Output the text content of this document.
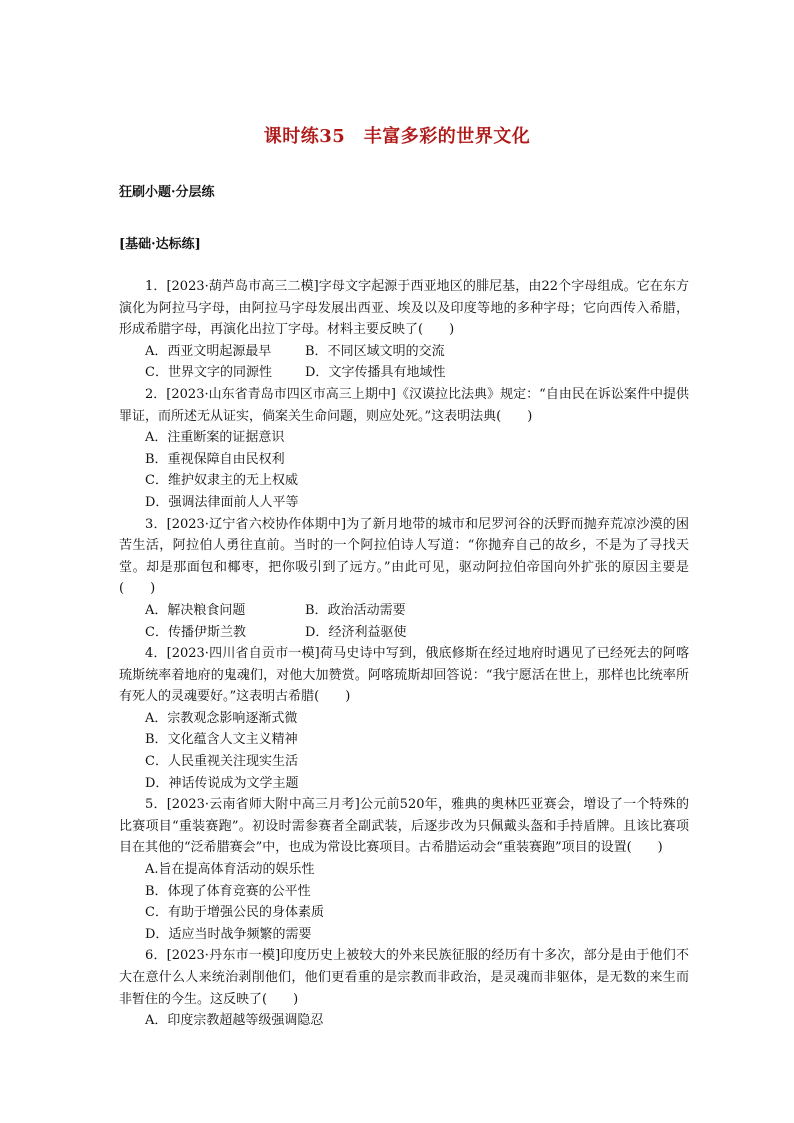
课时练35　丰富多彩的世界文化
狂刷小题·分层练
[基础·达标练]

1．[2023·葫芦岛市高三二模]字母文字起源于西亚地区的腓尼基，由22个字母组成。它在东方演化为阿拉马字母，由阿拉马字母发展出西亚、埃及以及印度等地的多种字母；它向西传入希腊，形成希腊字母，再演化出拉丁字母。材料主要反映了(　　)

A．西亚文明起源最早	B．不同区域文明的交流
C．世界文字的同源性	D．文字传播具有地域性

2．[2023·山东省青岛市四区市高三上期中]《汉谟拉比法典》规定：“自由民在诉讼案件中提供罪证，而所述无从证实，倘案关生命问题，则应处死。”这表明法典(　　)

A．注重断案的证据意识
B．重视保障自由民权利
C．维护奴隶主的无上权威
D．强调法律面前人人平等

3．[2023·辽宁省六校协作体期中]为了新月地带的城市和尼罗河谷的沃野而抛弃荒凉沙漠的困苦生活，阿拉伯人勇往直前。当时的一个阿拉伯诗人写道：“你抛弃自己的故乡，不是为了寻找天堂。却是那面包和椰枣，把你吸引到了远方。”由此可见，驱动阿拉伯帝国向外扩张的原因主要是(　　)

A．解决粮食问题	B．政治活动需要
C．传播伊斯兰教	D．经济利益驱使

4．[2023·四川省自贡市一模]荷马史诗中写到，俄底修斯在经过地府时遇见了已经死去的阿喀琉斯统率着地府的鬼魂们，对他大加赞赏。阿喀琉斯却回答说：“我宁愿活在世上，那样也比统率所有死人的灵魂要好。”这表明古希腊(　　)

A．宗教观念影响逐渐式微
B．文化蕴含人文主义精神
C．人民重视关注现实生活
D．神话传说成为文学主题

5．[2023·云南省师大附中高三月考]公元前520年，雅典的奥林匹亚赛会，增设了一个特殊的比赛项目“重装赛跑”。初设时需参赛者全副武装，后逐步改为只佩戴头盔和手持盾牌。且该比赛项目在其他的“泛希腊赛会”中，也成为常设比赛项目。古希腊运动会“重装赛跑”项目的设置(　　)

A.旨在提高体育活动的娱乐性
B．体现了体育竞赛的公平性
C．有助于增强公民的身体素质
D．适应当时战争频繁的需要

6．[2023·丹东市一模]印度历史上被较大的外来民族征服的经历有十多次，部分是由于他们不大在意什么人来统治剥削他们，他们更看重的是宗教而非政治，是灵魂而非躯体，是无数的来生而非暂住的今生。这反映了(　　)

A．印度宗教超越等级强调隐忍
